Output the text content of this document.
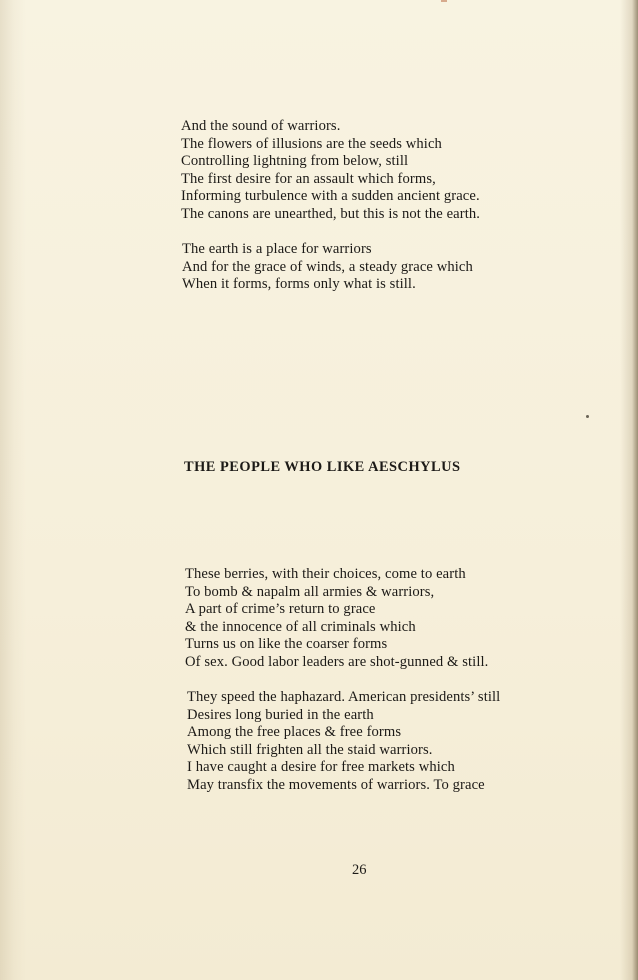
And the sound of warriors.
The flowers of illusions are the seeds which
Controlling lightning from below, still
The first desire for an assault which forms,
Informing turbulence with a sudden ancient grace.
The canons are unearthed, but this is not the earth.
The earth is a place for warriors
And for the grace of winds, a steady grace which
When it forms, forms only what is still.
THE PEOPLE WHO LIKE AESCHYLUS
These berries, with their choices, come to earth
To bomb & napalm all armies & warriors,
A part of crime’s return to grace
& the innocence of all criminals which
Turns us on like the coarser forms
Of sex. Good labor leaders are shot-gunned & still.
They speed the haphazard. American presidents’ still
Desires long buried in the earth
Among the free places & free forms
Which still frighten all the staid warriors.
I have caught a desire for free markets which
May transfix the movements of warriors. To grace
26
